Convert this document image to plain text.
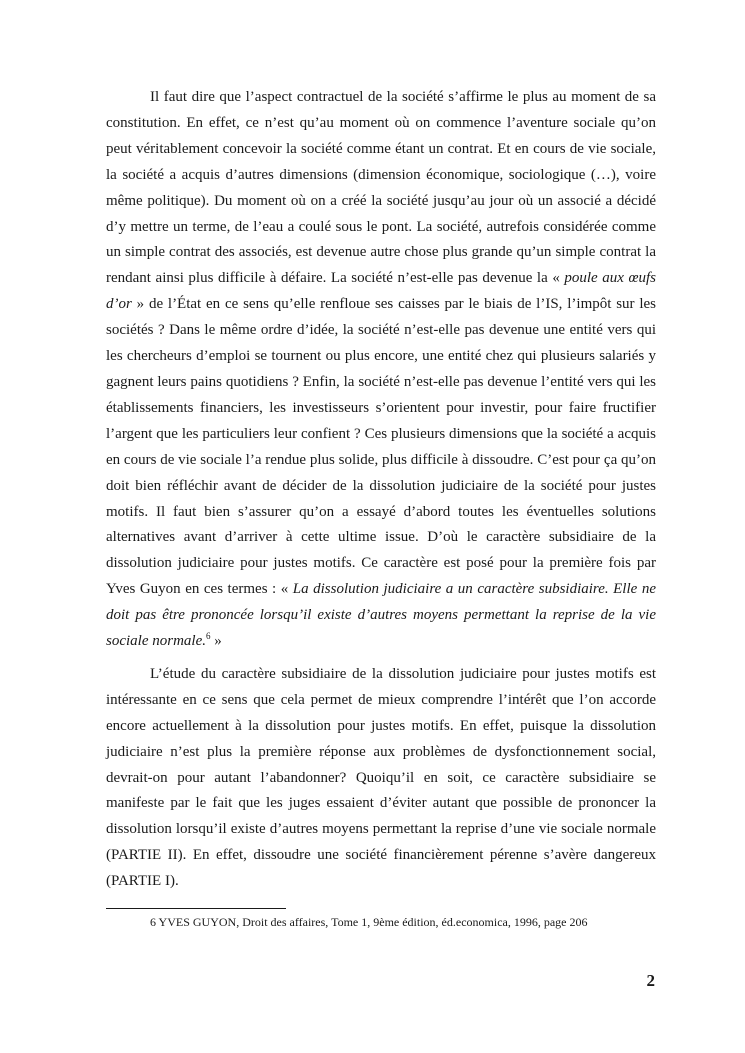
Il faut dire que l’aspect contractuel de la société s’affirme le plus au moment de sa constitution. En effet, ce n’est qu’au moment où on commence l’aventure sociale qu’on peut véritablement concevoir la société comme étant un contrat. Et en cours de vie sociale, la société a acquis d’autres dimensions (dimension économique, sociologique (…), voire même politique). Du moment où on a créé la société jusqu’au jour où un associé a décidé d’y mettre un terme, de l’eau a coulé sous le pont. La société, autrefois considérée comme un simple contrat des associés, est devenue autre chose plus grande qu’un simple contrat la rendant ainsi plus difficile à défaire. La société n’est-elle pas devenue la « poule aux œufs d’or » de l’État en ce sens qu’elle renfloue ses caisses par le biais de l’IS, l’impôt sur les sociétés ? Dans le même ordre d’idée, la société n’est-elle pas devenue une entité vers qui les chercheurs d’emploi se tournent ou plus encore, une entité chez qui plusieurs salariés y gagnent leurs pains quotidiens ? Enfin, la société n’est-elle pas devenue l’entité vers qui les établissements financiers, les investisseurs s’orientent pour investir, pour faire fructifier l’argent que les particuliers leur confient ? Ces plusieurs dimensions que la société a acquis en cours de vie sociale l’a rendue plus solide, plus difficile à dissoudre. C’est pour ça qu’on doit bien réfléchir avant de décider de la dissolution judiciaire de la société pour justes motifs. Il faut bien s’assurer qu’on a essayé d’abord toutes les éventuelles solutions alternatives avant d’arriver à cette ultime issue. D’où le caractère subsidiaire de la dissolution judiciaire pour justes motifs. Ce caractère est posé pour la première fois par Yves Guyon en ces termes : « La dissolution judiciaire a un caractère subsidiaire. Elle ne doit pas être prononcée lorsqu’il existe d’autres moyens permettant la reprise de la vie sociale normale.$^6$ »

L’étude du caractère subsidiaire de la dissolution judiciaire pour justes motifs est intéressante en ce sens que cela permet de mieux comprendre l’intérêt que l’on accorde encore actuellement à la dissolution pour justes motifs. En effet, puisque la dissolution judiciaire n’est plus la première réponse aux problèmes de dysfonctionnement social, devrait-on pour autant l’abandonner? Quoiqu’il en soit, ce caractère subsidiaire se manifeste par le fait que les juges essaient d’éviter autant que possible de prononcer la dissolution lorsqu’il existe d’autres moyens permettant la reprise d’une vie sociale normale (PARTIE II). En effet, dissoudre une société financièrement pérenne s’avère dangereux (PARTIE I).

6 YVES GUYON, Droit des affaires, Tome 1, 9ème édition, éd.economica, 1996, page 206
2
